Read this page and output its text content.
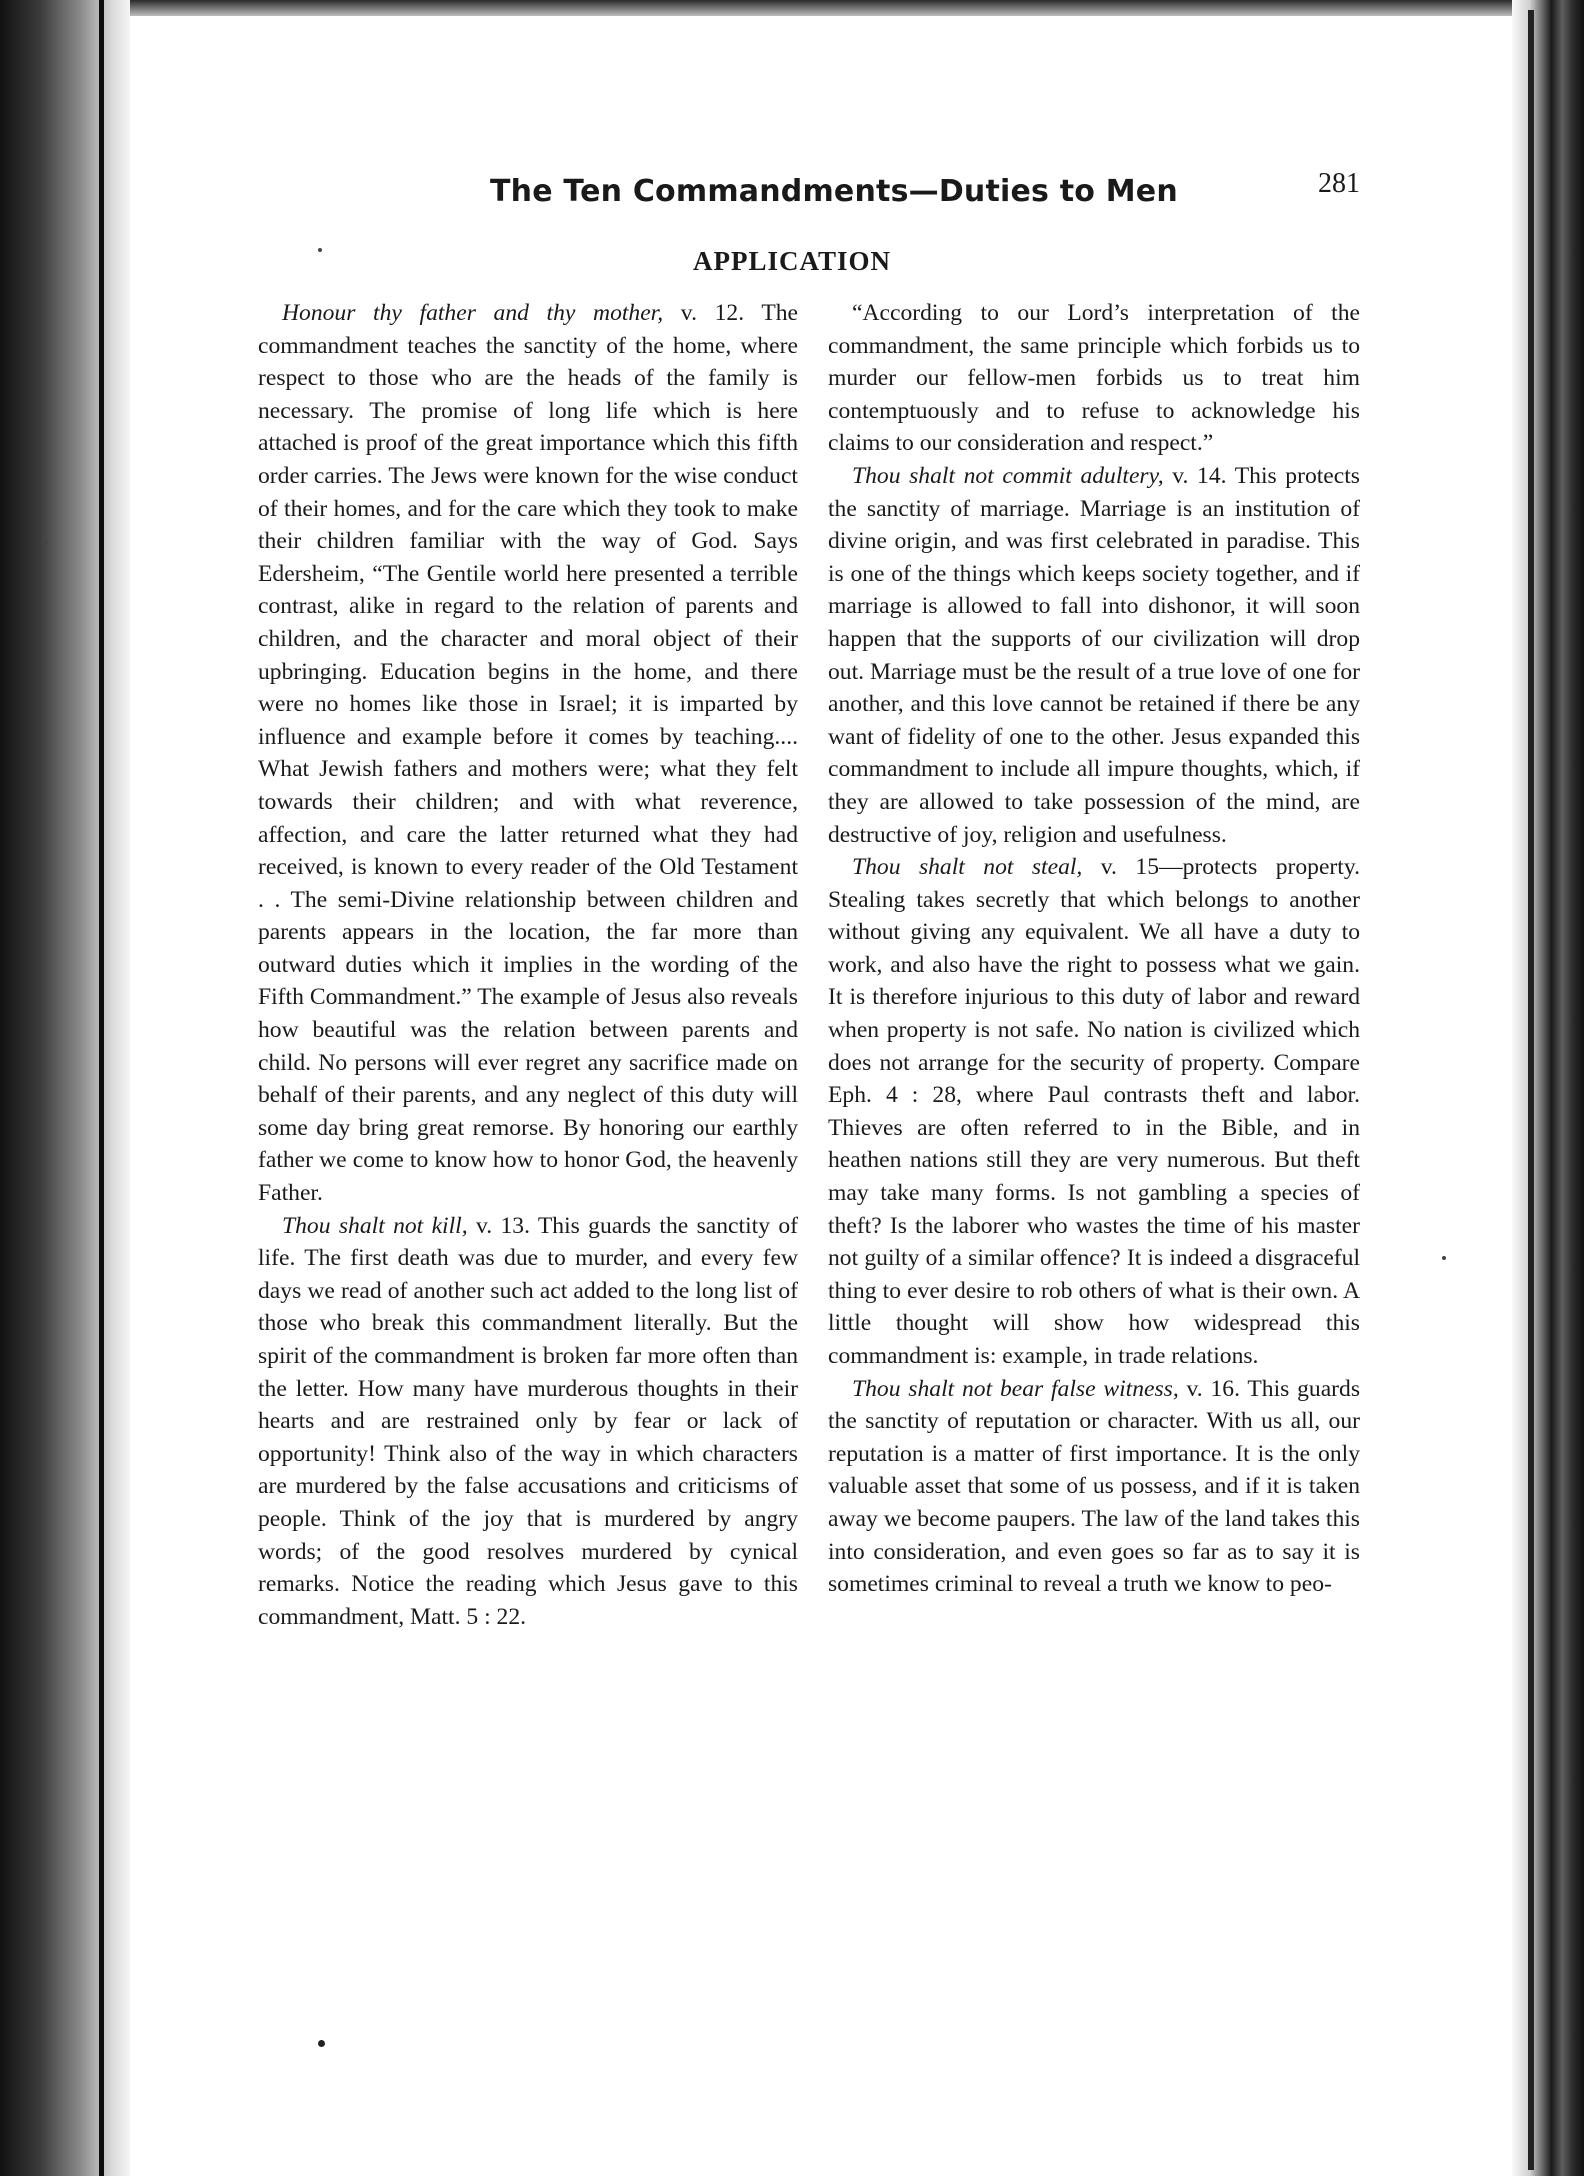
The Ten Commandments—Duties to Men	281
APPLICATION

Honour thy father and thy mother, v. 12. The commandment teaches the sanctity of the home, where respect to those who are the heads of the family is necessary. The promise of long life which is here attached is proof of the great importance which this fifth order carries. The Jews were known for the wise conduct of their homes, and for the care which they took to make their children familiar with the way of God. Says Edersheim, “The Gentile world here presented a terrible contrast, alike in regard to the relation of parents and children, and the character and moral object of their upbringing. Education begins in the home, and there were no homes like those in Israel; it is imparted by influence and example before it comes by teaching.... What Jewish fathers and mothers were; what they felt towards their children; and with what reverence, affection, and care the latter returned what they had received, is known to every reader of the Old Testament . . The semi-Divine relationship between children and parents appears in the location, the far more than outward duties which it implies in the wording of the Fifth Commandment.” The example of Jesus also reveals how beautiful was the relation between parents and child. No persons will ever regret any sacrifice made on behalf of their parents, and any neglect of this duty will some day bring great remorse. By honoring our earthly father we come to know how to honor God, the heavenly Father.

Thou shalt not kill, v. 13. This guards the sanctity of life. The first death was due to murder, and every few days we read of another such act added to the long list of those who break this commandment literally. But the spirit of the commandment is broken far more often than the letter. How many have murderous thoughts in their hearts and are restrained only by fear or lack of opportunity! Think also of the way in which characters are murdered by the false accusations and criticisms of people. Think of the joy that is murdered by angry words; of the good resolves murdered by cynical remarks. Notice the reading which Jesus gave to this commandment, Matt. 5 : 22.

“According to our Lord’s interpretation of the commandment, the same principle which forbids us to murder our fellow-men forbids us to treat him contemptuously and to refuse to acknowledge his claims to our consideration and respect.”

Thou shalt not commit adultery, v. 14. This protects the sanctity of marriage. Marriage is an institution of divine origin, and was first celebrated in paradise. This is one of the things which keeps society together, and if marriage is allowed to fall into dishonor, it will soon happen that the supports of our civilization will drop out. Marriage must be the result of a true love of one for another, and this love cannot be retained if there be any want of fidelity of one to the other. Jesus expanded this commandment to include all impure thoughts, which, if they are allowed to take possession of the mind, are destructive of joy, religion and usefulness.

Thou shalt not steal, v. 15—protects property. Stealing takes secretly that which belongs to another without giving any equivalent. We all have a duty to work, and also have the right to possess what we gain. It is therefore injurious to this duty of labor and reward when property is not safe. No nation is civilized which does not arrange for the security of property. Compare Eph. 4 : 28, where Paul contrasts theft and labor. Thieves are often referred to in the Bible, and in heathen nations still they are very numerous. But theft may take many forms. Is not gambling a species of theft? Is the laborer who wastes the time of his master not guilty of a similar offence? It is indeed a disgraceful thing to ever desire to rob others of what is their own. A little thought will show how widespread this commandment is: example, in trade relations.

Thou shalt not bear false witness, v. 16. This guards the sanctity of reputation or character. With us all, our reputation is a matter of first importance. It is the only valuable asset that some of us possess, and if it is taken away we become paupers. The law of the land takes this into consideration, and even goes so far as to say it is sometimes criminal to reveal a truth we know to peo-
